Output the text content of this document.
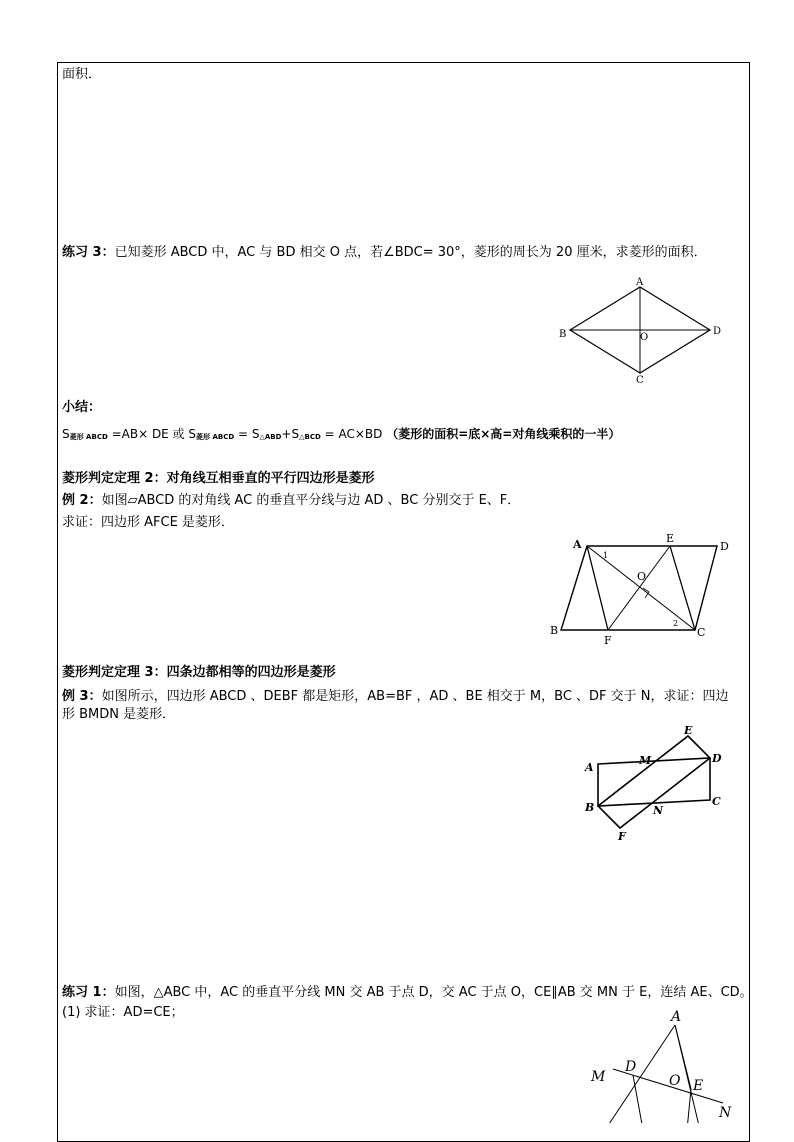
面积．
练习 3：已知菱形 ABCD 中，AC 与 BD 相交 O 点，若∠BDC= 30°，菱形的周长为 20 厘米，求菱形的面积．
A
B
C
D
O
小结：
$S_{菱形 ABCD} =AB\times$ DE 或 $S_{菱形 ABCD} = S_{\triangle ABD}+S_{\triangle BCD} = AC\times BD$ （菱形的面积=底×高=对角线乘积的一半）
菱形判定定理 2：对角线互相垂直的平行四边形是菱形
例 2：如图▱ABCD 的对角线 AC 的垂直平分线与边 AD 、BC 分别交于 E、F．
求证：四边形 AFCE 是菱形．
A
B	C
D
E
F
O
1
2
菱形判定定理 3：四条边都相等的四边形是菱形
例 3：如图所示，四边形 ABCD 、DEBF 都是矩形，AB=BF ，AD 、BE 相交于 M，BC 、DF 交于 N，求证：四边
形 BMDN 是菱形．
A
B	C
D
E
F
M
N
练习 1：如图，△ABC 中，AC 的垂直平分线 MN 交 AB 于点 D，交 AC 于点 O，CE∥AB 交 MN 于 E，连结 AE、CD。
(1) 求证：AD=CE；	A
D
E
M
N
O
